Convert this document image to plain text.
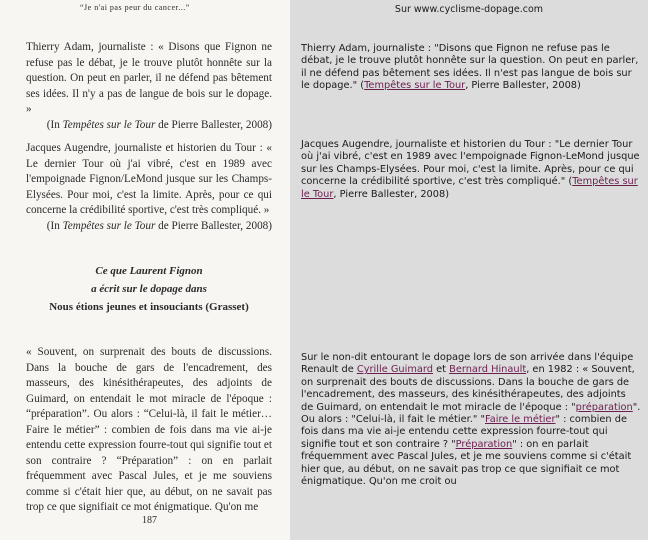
“Je n'ai pas peur du cancer...”
Thierry Adam, journaliste : « Disons que Fignon ne refuse pas le débat, je le trouve plutôt honnête sur la question. On peut en parler, il ne défend pas bêtement ses idées. Il n'y a pas de langue de bois sur le dopage. »
(In Tempêtes sur le Tour de Pierre Ballester, 2008)
Jacques Augendre, journaliste et historien du Tour : « Le dernier Tour où j'ai vibré, c'est en 1989 avec l'empoignade Fignon/LeMond jusque sur les Champs-Elysées. Pour moi, c'est la limite. Après, pour ce qui concerne la crédibilité sportive, c'est très compliqué. »
(In Tempêtes sur le Tour de Pierre Ballester, 2008)
Ce que Laurent Fignon
a écrit sur le dopage dans
Nous étions jeunes et insouciants (Grasset)
« Souvent, on surprenait des bouts de discussions. Dans la bouche de gars de l'encadrement, des masseurs, des kinésithérapeutes, des adjoints de Guimard, on entendait le mot miracle de l'époque : “préparation”. Ou alors : “Celui-là, il fait le métier… Faire le métier” : combien de fois dans ma vie ai-je entendu cette expression fourre-tout qui signifie tout et son contraire ? “Préparation” : on en parlait fréquemment avec Pascal Jules, et je me souviens comme si c'était hier que, au début, on ne savait pas trop ce que signifiait ce mot énigmatique. Qu'on me
187
Sur www.cyclisme-dopage.com
Thierry Adam, journaliste : "Disons que Fignon ne refuse pas le débat, je le trouve plutôt honnête sur la question. On peut en parler, il ne défend pas bêtement ses idées. Il n'est pas langue de bois sur le dopage." (Tempêtes sur le Tour, Pierre Ballester, 2008)
Jacques Augendre, journaliste et historien du Tour : "Le dernier Tour où j'ai vibré, c'est en 1989 avec l'empoignade Fignon-LeMond jusque sur les Champs-Elysées. Pour moi, c'est la limite. Après, pour ce qui concerne la crédibilité sportive, c'est très compliqué." (Tempêtes sur le Tour, Pierre Ballester, 2008)
Sur le non-dit entourant le dopage lors de son arrivée dans l'équipe Renault de Cyrille Guimard et Bernard Hinault, en 1982 : « Souvent, on surprenait des bouts de discussions. Dans la bouche de gars de l'encadrement, des masseurs, des kinésithérapeutes, des adjoints de Guimard, on entendait le mot miracle de l'époque : "préparation". Ou alors : "Celui-là, il fait le métier." "Faire le métier" : combien de fois dans ma vie ai-je entendu cette expression fourre-tout qui signifie tout et son contraire ? "Préparation" : on en parlait fréquemment avec Pascal Jules, et je me souviens comme si c'était hier que, au début, on ne savait pas trop ce que signifiait ce mot énigmatique. Qu'on me croit ou
